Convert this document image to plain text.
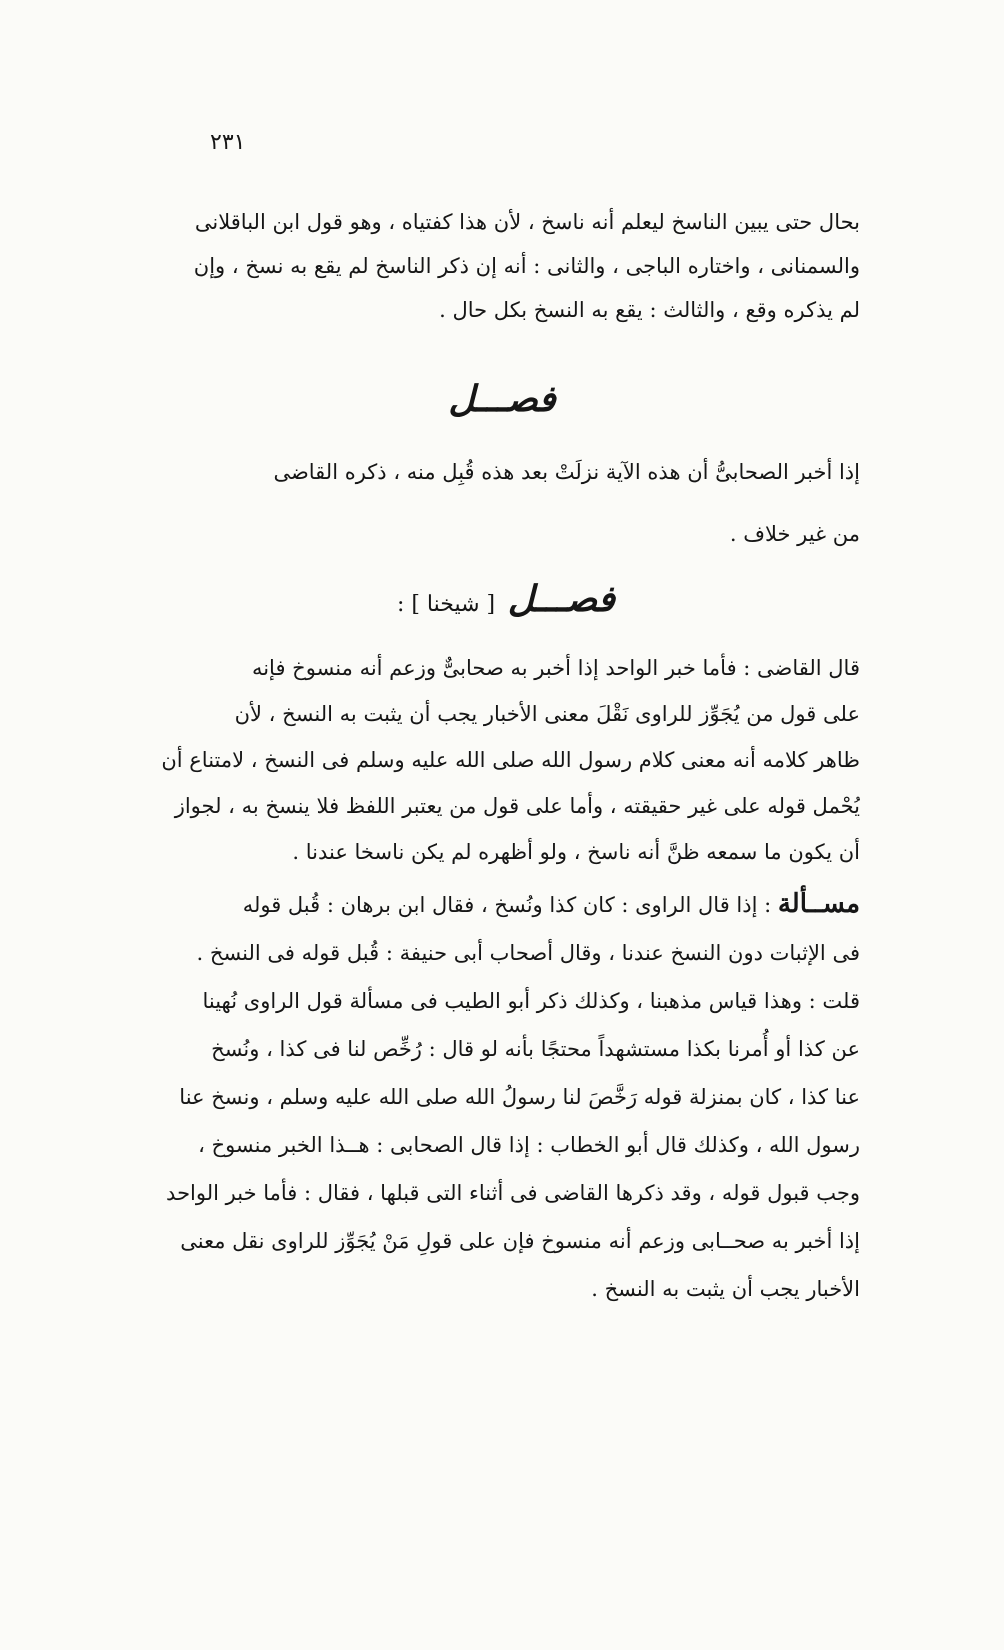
٢٣١
بحال حتى يبين الناسخ ليعلم أنه ناسخ ، لأن هذا كفتياه ، وهو قول ابن الباقلانى
والسمنانى ، واختاره الباجى ، والثانى : أنه إن ذكر الناسخ لم يقع به نسخ ، وإن
لم يذكره وقع ، والثالث : يقع به النسخ بكل حال .
فصـــل
إذا أخبر الصحابىُّ أن هذه الآية نزلَتْ بعد هذه قُبِل منه ، ذكره القاضى
من غير خلاف .
فصـــل [ شيخنا ] :
قال القاضى : فأما خبر الواحد إذا أخبر به صحابىٌّ وزعم أنه منسوخ فإنه
على قول من يُجَوِّز للراوى نَقْلَ معنى الأخبار يجب أن يثبت به النسخ ، لأن
ظاهر كلامه أنه معنى كلام رسول الله صلى الله عليه وسلم فى النسخ ، لامتناع أن
يُحْمل قوله على غير حقيقته ، وأما على قول من يعتبر اللفظ فلا ينسخ به ، لجواز
أن يكون ما سمعه ظنَّ أنه ناسخ ، ولو أظهره لم يكن ناسخا عندنا .
مســألة : إذا قال الراوى : كان كذا ونُسخ ، فقال ابن برهان : قُبل قوله
فى الإثبات دون النسخ عندنا ، وقال أصحاب أبى حنيفة : قُبل قوله فى النسخ .
قلت : وهذا قياس مذهبنا ، وكذلك ذكر أبو الطيب فى مسألة قول الراوى نُهينا
عن كذا أو أُمرنا بكذا مستشهداً محتجًا بأنه لو قال : رُخِّص لنا فى كذا ، ونُسخ
عنا كذا ، كان بمنزلة قوله رَخَّصَ لنا رسولُ الله صلى الله عليه وسلم ، ونسخ عنا
رسول الله ، وكذلك قال أبو الخطاب : إذا قال الصحابى : هــذا الخبر منسوخ ،
وجب قبول قوله ، وقد ذكرها القاضى فى أثناء التى قبلها ، فقال : فأما خبر الواحد
إذا أخبر به صحــابى وزعم أنه منسوخ فإن على قولِ مَنْ يُجَوِّز للراوى نقل معنى
الأخبار يجب أن يثبت به النسخ .
